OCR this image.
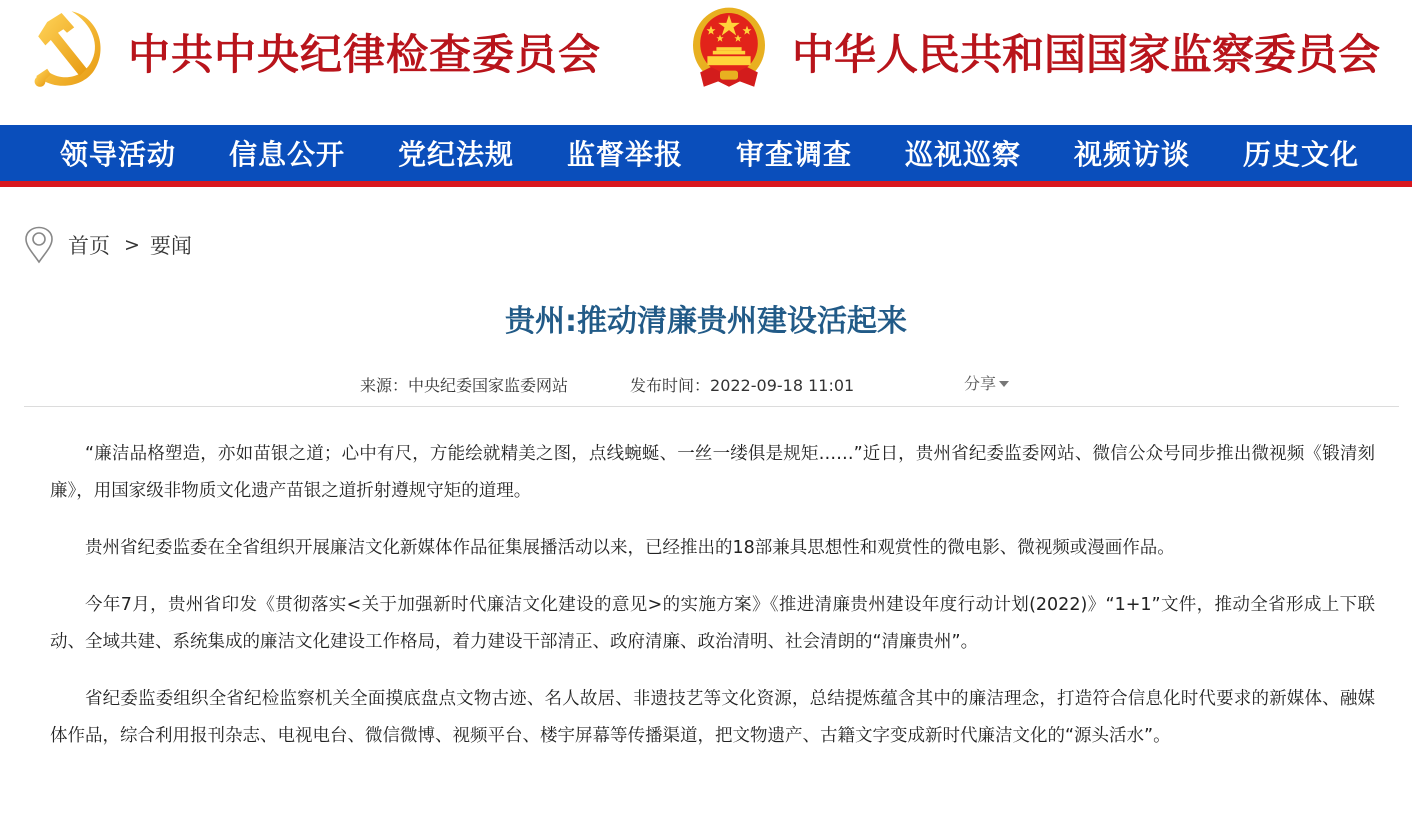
中共中央纪律检查委员会	中华人民共和国国家监察委员会
领导活动	信息公开	党纪法规	监督举报	审查调查	巡视巡察	视频访谈	历史文化
首页 > 要闻
贵州:推动清廉贵州建设活起来
来源：中央纪委国家监委网站	发布时间：2022-09-18 11:01	分享

“廉洁品格塑造，亦如苗银之道；心中有尺，方能绘就精美之图，点线蜿蜒、一丝一缕俱是规矩……”近日，贵州省纪委监委网站、微信公众号同步推出微视频《锻清刻廉》，用国家级非物质文化遗产苗银之道折射遵规守矩的道理。

贵州省纪委监委在全省组织开展廉洁文化新媒体作品征集展播活动以来，已经推出的18部兼具思想性和观赏性的微电影、微视频或漫画作品。

今年7月，贵州省印发《贯彻落实<关于加强新时代廉洁文化建设的意见>的实施方案》《推进清廉贵州建设年度行动计划(2022)》“1+1”文件，推动全省形成上下联动、全域共建、系统集成的廉洁文化建设工作格局，着力建设干部清正、政府清廉、政治清明、社会清朗的“清廉贵州”。

省纪委监委组织全省纪检监察机关全面摸底盘点文物古迹、名人故居、非遗技艺等文化资源，总结提炼蕴含其中的廉洁理念，打造符合信息化时代要求的新媒体、融媒体作品，综合利用报刊杂志、电视电台、微信微博、视频平台、楼宇屏幕等传播渠道，把文物遗产、古籍文字变成新时代廉洁文化的“源头活水”。
